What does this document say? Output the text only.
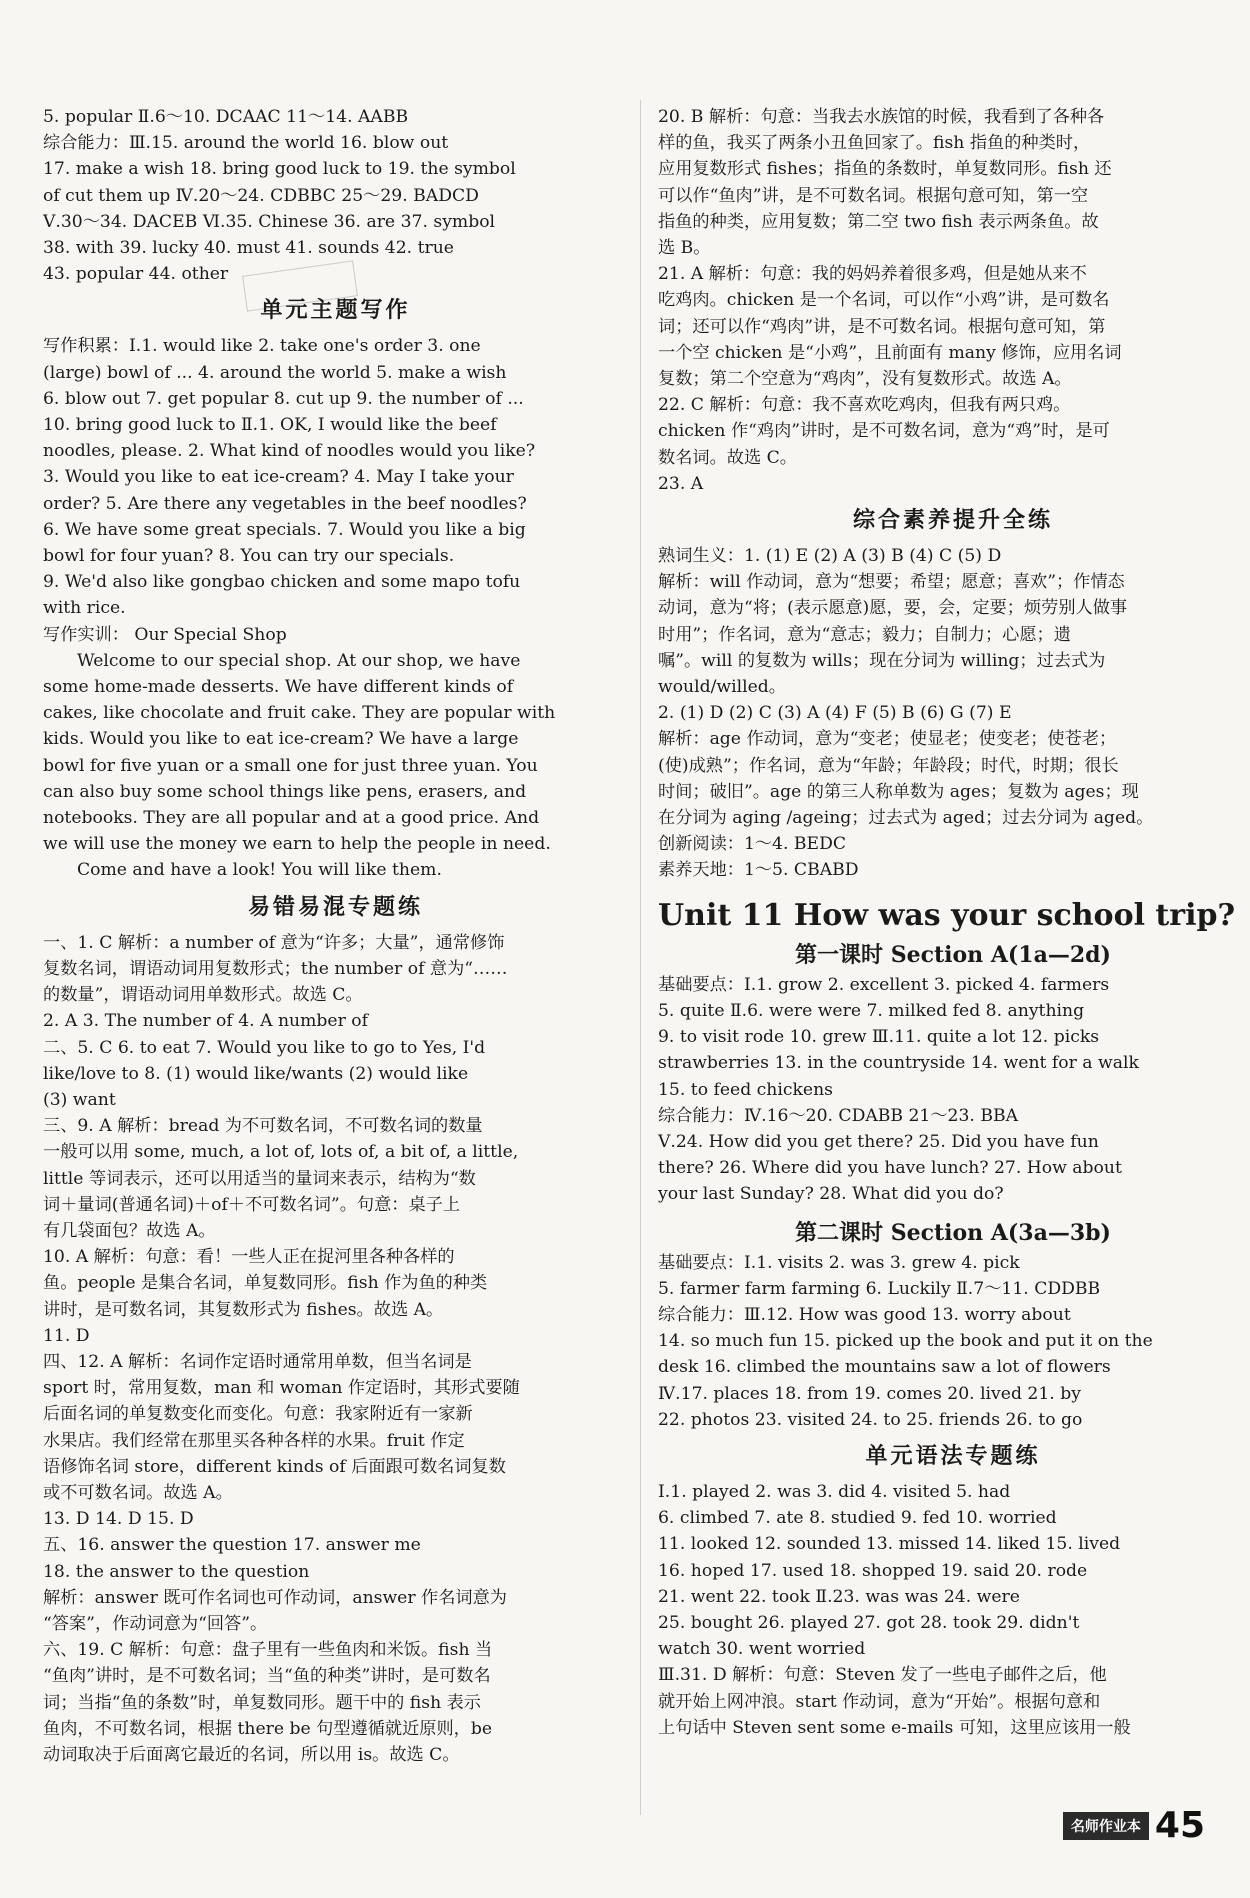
5. popular Ⅱ.6～10. DCAAC 11～14. AABB
综合能力：Ⅲ.15. around the world 16. blow out
17. make a wish 18. bring good luck to 19. the symbol
of cut them up Ⅳ.20～24. CDBBC 25～29. BADCD
Ⅴ.30～34. DACEB Ⅵ.35. Chinese 36. are 37. symbol
38. with 39. lucky 40. must 41. sounds 42. true
43. popular 44. other
单元主题写作
写作积累：Ⅰ.1. would like 2. take one's order 3. one
(large) bowl of ... 4. around the world 5. make a wish
6. blow out 7. get popular 8. cut up 9. the number of ...
10. bring good luck to Ⅱ.1. OK, I would like the beef
noodles, please. 2. What kind of noodles would you like?
3. Would you like to eat ice-cream? 4. May I take your
order? 5. Are there any vegetables in the beef noodles?
6. We have some great specials. 7. Would you like a big
bowl for four yuan? 8. You can try our specials.
9. We'd also like gongbao chicken and some mapo tofu
with rice.
写作实训： Our Special Shop
Welcome to our special shop. At our shop, we have
some home-made desserts. We have different kinds of
cakes, like chocolate and fruit cake. They are popular with
kids. Would you like to eat ice-cream? We have a large
bowl for five yuan or a small one for just three yuan. You
can also buy some school things like pens, erasers, and
notebooks. They are all popular and at a good price. And
we will use the money we earn to help the people in need.
Come and have a look! You will like them.
易错易混专题练
一、1. C 解析：a number of 意为“许多；大量”，通常修饰
复数名词，谓语动词用复数形式；the number of 意为“……
的数量”，谓语动词用单数形式。故选 C。
2. A 3. The number of 4. A number of
二、5. C 6. to eat 7. Would you like to go to Yes, I'd
like/love to 8. (1) would like/wants (2) would like
(3) want
三、9. A 解析：bread 为不可数名词，不可数名词的数量
一般可以用 some, much, a lot of, lots of, a bit of, a little,
little 等词表示，还可以用适当的量词来表示，结构为“数
词＋量词(普通名词)＋of＋不可数名词”。句意：桌子上
有几袋面包？故选 A。
10. A 解析：句意：看！一些人正在捉河里各种各样的
鱼。people 是集合名词，单复数同形。fish 作为鱼的种类
讲时，是可数名词，其复数形式为 fishes。故选 A。
11. D
四、12. A 解析：名词作定语时通常用单数，但当名词是
sport 时，常用复数，man 和 woman 作定语时，其形式要随
后面名词的单复数变化而变化。句意：我家附近有一家新
水果店。我们经常在那里买各种各样的水果。fruit 作定
语修饰名词 store，different kinds of 后面跟可数名词复数
或不可数名词。故选 A。
13. D 14. D 15. D
五、16. answer the question 17. answer me
18. the answer to the question
解析：answer 既可作名词也可作动词，answer 作名词意为
“答案”，作动词意为“回答”。
六、19. C 解析：句意：盘子里有一些鱼肉和米饭。fish 当
“鱼肉”讲时，是不可数名词；当“鱼的种类”讲时，是可数名
词；当指“鱼的条数”时，单复数同形。题干中的 fish 表示
鱼肉，不可数名词，根据 there be 句型遵循就近原则，be
动词取决于后面离它最近的名词，所以用 is。故选 C。
20. B 解析：句意：当我去水族馆的时候，我看到了各种各
样的鱼，我买了两条小丑鱼回家了。fish 指鱼的种类时，
应用复数形式 fishes；指鱼的条数时，单复数同形。fish 还
可以作“鱼肉”讲，是不可数名词。根据句意可知，第一空
指鱼的种类，应用复数；第二空 two fish 表示两条鱼。故
选 B。
21. A 解析：句意：我的妈妈养着很多鸡，但是她从来不
吃鸡肉。chicken 是一个名词，可以作“小鸡”讲，是可数名
词；还可以作“鸡肉”讲，是不可数名词。根据句意可知，第
一个空 chicken 是“小鸡”，且前面有 many 修饰，应用名词
复数；第二个空意为“鸡肉”，没有复数形式。故选 A。
22. C 解析：句意：我不喜欢吃鸡肉，但我有两只鸡。
chicken 作“鸡肉”讲时，是不可数名词，意为“鸡”时，是可
数名词。故选 C。
23. A
综合素养提升全练
熟词生义：1. (1) E (2) A (3) B (4) C (5) D
解析：will 作动词，意为“想要；希望；愿意；喜欢”；作情态
动词，意为“将；(表示愿意)愿，要，会，定要；烦劳别人做事
时用”；作名词，意为“意志；毅力；自制力；心愿；遗
嘱”。will 的复数为 wills；现在分词为 willing；过去式为
would/willed。
2. (1) D (2) C (3) A (4) F (5) B (6) G (7) E
解析：age 作动词，意为“变老；使显老；使变老；使苍老；
(使)成熟”；作名词，意为“年龄；年龄段；时代，时期；很长
时间；破旧”。age 的第三人称单数为 ages；复数为 ages；现
在分词为 aging /ageing；过去式为 aged；过去分词为 aged。
创新阅读：1～4. BEDC
素养天地：1～5. CBABD
Unit 11 How was your school trip?
第一课时 Section A(1a—2d)
基础要点：Ⅰ.1. grow 2. excellent 3. picked 4. farmers
5. quite Ⅱ.6. were were 7. milked fed 8. anything
9. to visit rode 10. grew Ⅲ.11. quite a lot 12. picks
strawberries 13. in the countryside 14. went for a walk
15. to feed chickens
综合能力：Ⅳ.16～20. CDABB 21～23. BBA
Ⅴ.24. How did you get there? 25. Did you have fun
there? 26. Where did you have lunch? 27. How about
your last Sunday? 28. What did you do?
第二课时 Section A(3a—3b)
基础要点：Ⅰ.1. visits 2. was 3. grew 4. pick
5. farmer farm farming 6. Luckily Ⅱ.7～11. CDDBB
综合能力：Ⅲ.12. How was good 13. worry about
14. so much fun 15. picked up the book and put it on the
desk 16. climbed the mountains saw a lot of flowers
Ⅳ.17. places 18. from 19. comes 20. lived 21. by
22. photos 23. visited 24. to 25. friends 26. to go
单元语法专题练
Ⅰ.1. played 2. was 3. did 4. visited 5. had
6. climbed 7. ate 8. studied 9. fed 10. worried
11. looked 12. sounded 13. missed 14. liked 15. lived
16. hoped 17. used 18. shopped 19. said 20. rode
21. went 22. took Ⅱ.23. was was 24. were
25. bought 26. played 27. got 28. took 29. didn't
watch 30. went worried
Ⅲ.31. D 解析：句意：Steven 发了一些电子邮件之后，他
就开始上网冲浪。start 作动词，意为“开始”。根据句意和
上句话中 Steven sent some e-mails 可知，这里应该用一般
名师作业本 45
